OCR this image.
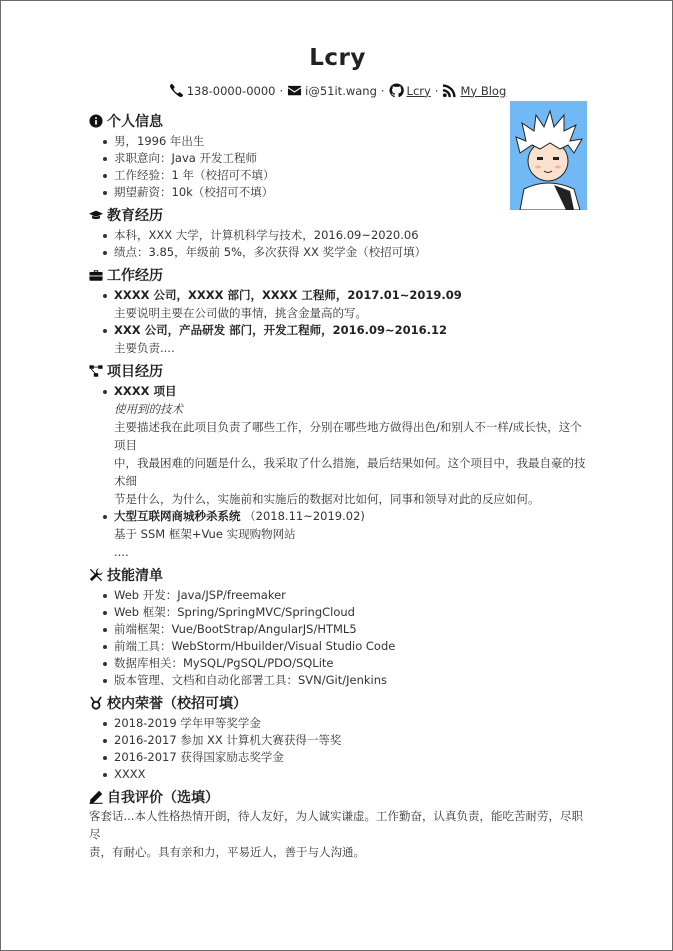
Lcry
138-0000-0000 · i@51it.wang · Lcry · My Blog
个人信息
男，1996 年出生
求职意向：Java 开发工程师
工作经验：1 年（校招可不填）
期望薪资：10k（校招可不填）
教育经历
本科，XXX 大学，计算机科学与技术，2016.09~2020.06
绩点：3.85，年级前 5%，多次获得 XX 奖学金（校招可填）
工作经历
XXXX 公司，XXXX 部门，XXXX 工程师，2017.01~2019.09
主要说明主要在公司做的事情，挑含金量高的写。
XXX 公司，产品研发 部门，开发工程师，2016.09~2016.12
主要负责....
项目经历
XXXX 项目
使用到的技术
主要描述我在此项目负责了哪些工作，分别在哪些地方做得出色/和别人不一样/成长快，这个项目
中，我最困难的问题是什么，我采取了什么措施，最后结果如何。这个项目中，我最自豪的技术细
节是什么，为什么，实施前和实施后的数据对比如何，同事和领导对此的反应如何。
大型互联网商城秒杀系统 （2018.11~2019.02)
基于 SSM 框架+Vue 实现购物网站
....
技能清单
Web 开发：Java/JSP/freemaker
Web 框架：Spring/SpringMVC/SpringCloud
前端框架：Vue/BootStrap/AngularJS/HTML5
前端工具：WebStorm/Hbuilder/Visual Studio Code
数据库相关：MySQL/PgSQL/PDO/SQLite
版本管理、文档和自动化部署工具：SVN/Git/Jenkins
校内荣誉（校招可填）
2018-2019 学年甲等奖学金
2016-2017 参加 XX 计算机大赛获得一等奖
2016-2017 获得国家励志奖学金
XXXX
自我评价（选填）
客套话...本人性格热情开朗，待人友好，为人诚实谦虚。工作勤奋，认真负责，能吃苦耐劳，尽职尽
责，有耐心。具有亲和力，平易近人，善于与人沟通。
